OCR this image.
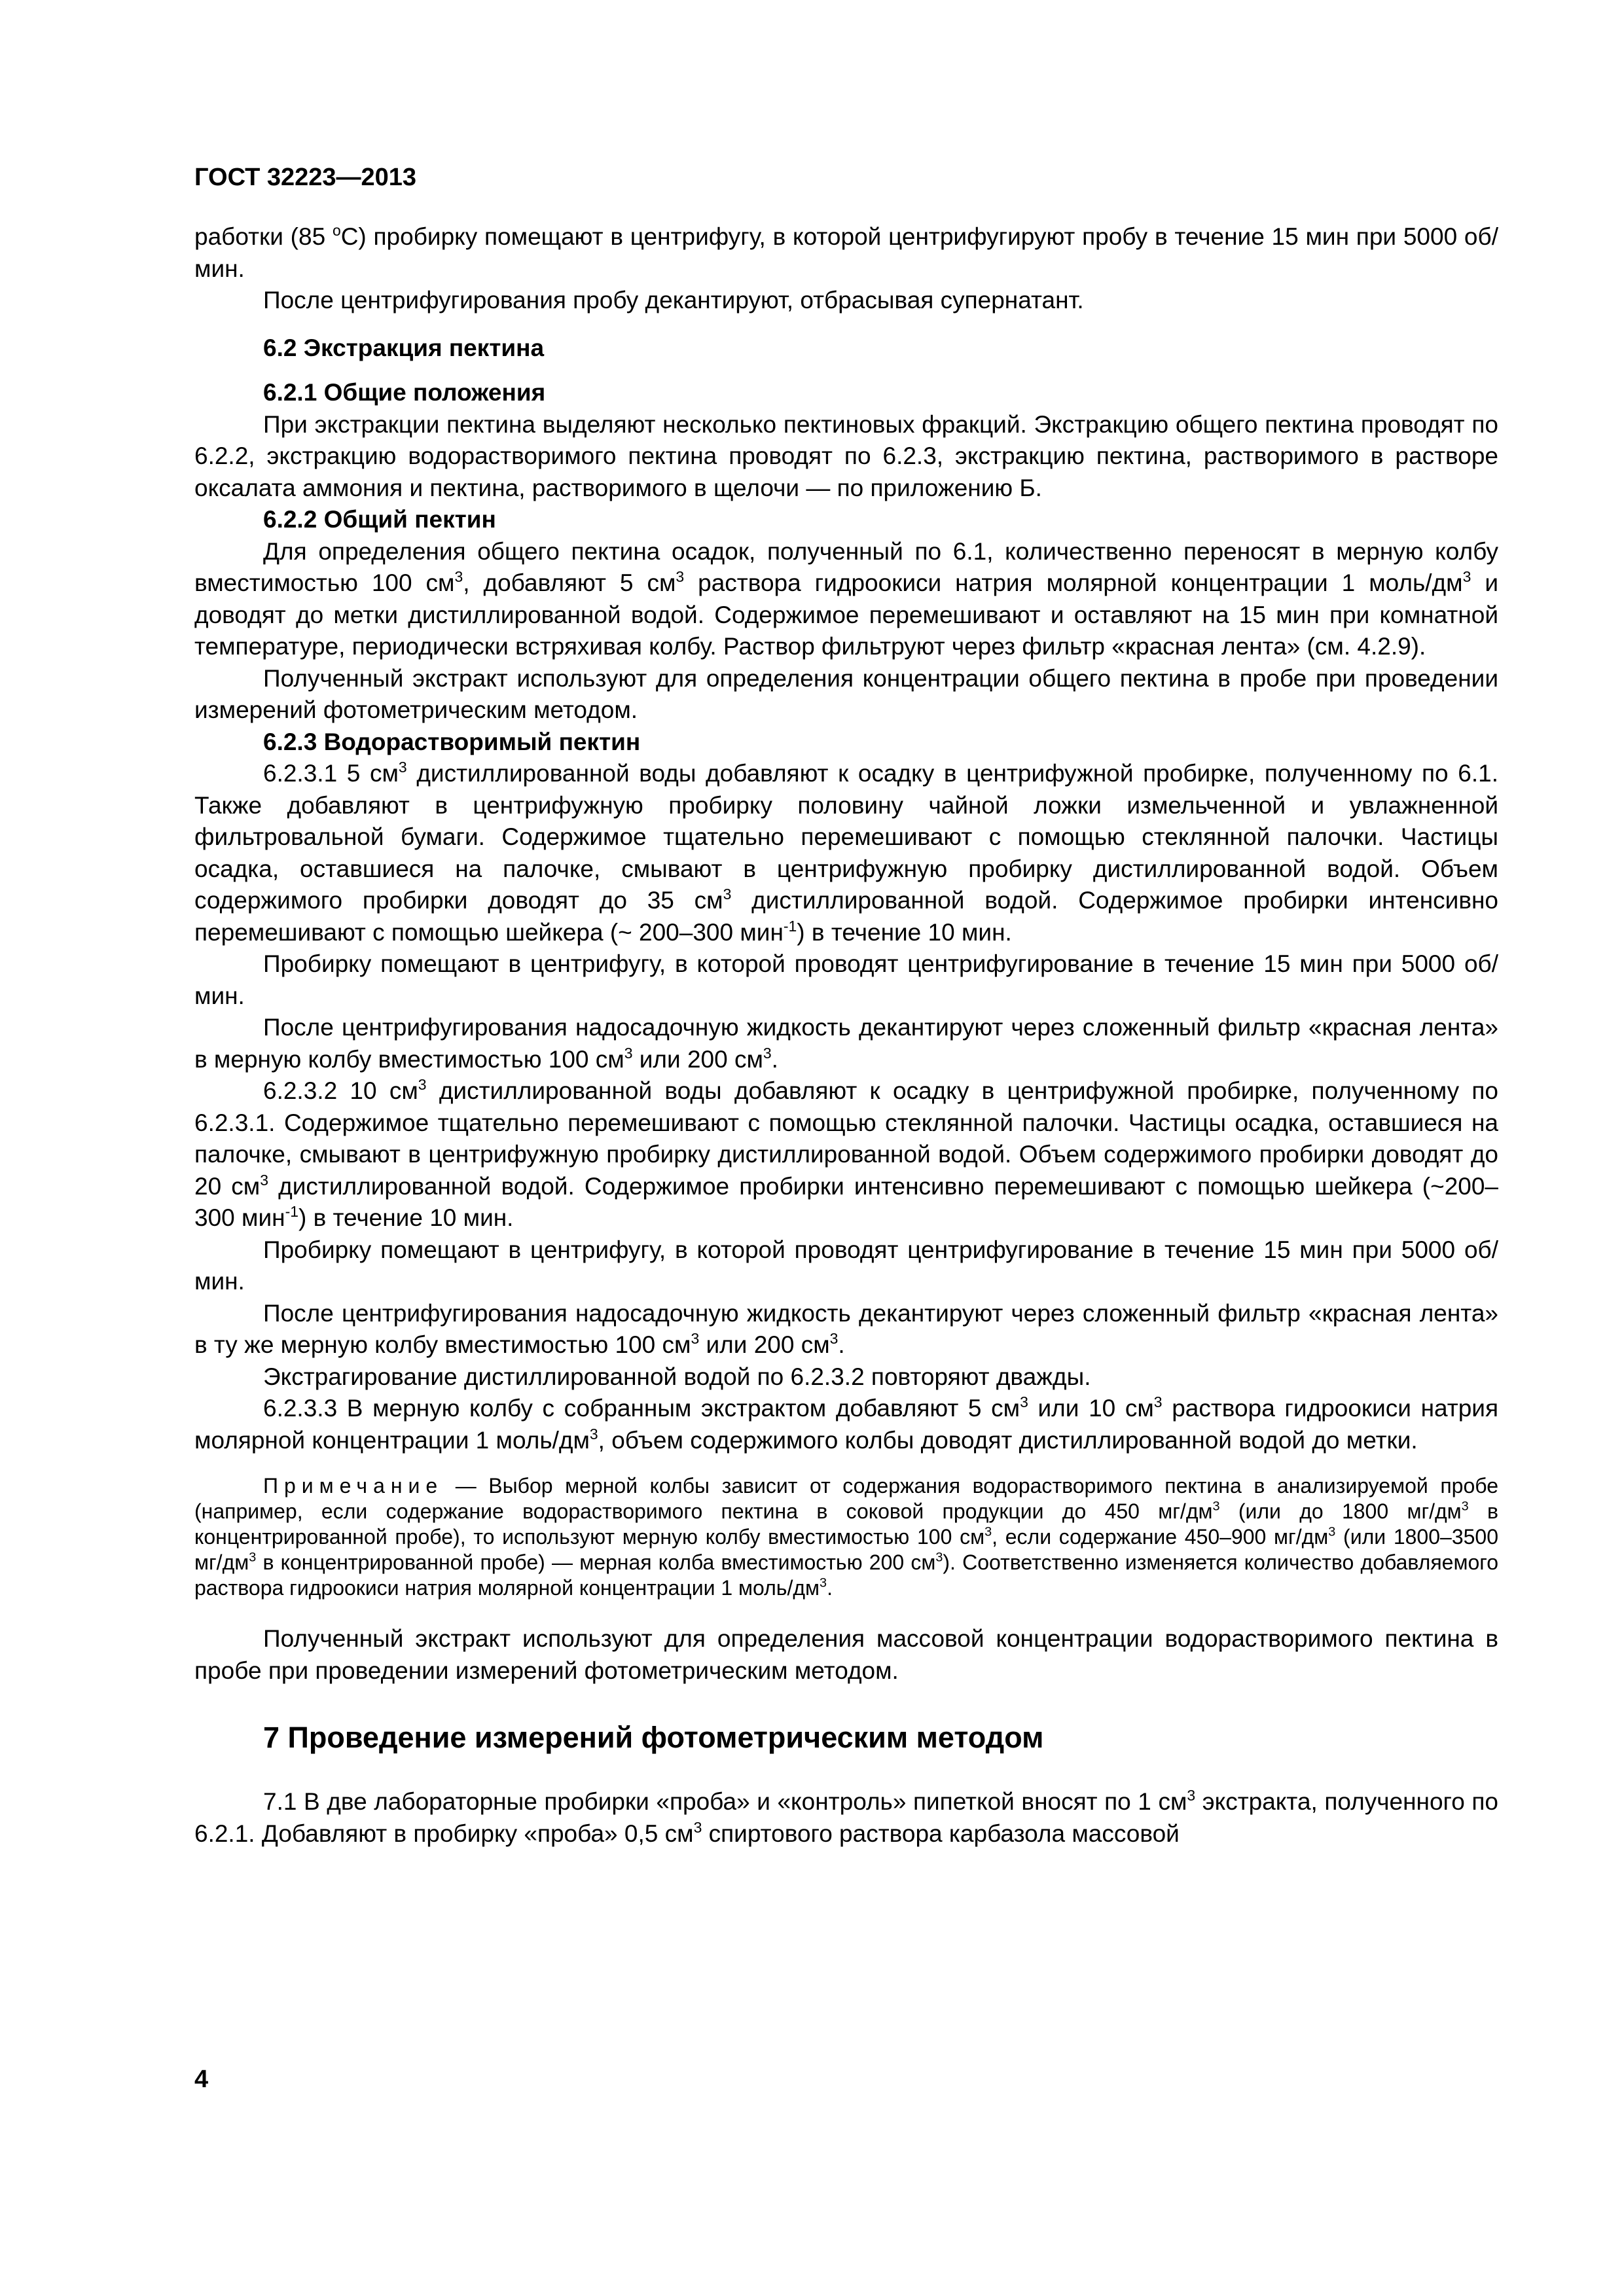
ГОСТ 32223—2013

работки (85 $^o$С) пробирку помещают в центрифугу, в которой центрифугируют пробу в течение 15 мин при 5000 об/мин.

После центрифугирования пробу декантируют, отбрасывая супернатант.

6.2 Экстракция пектина

6.2.1 Общие положения

При экстракции пектина выделяют несколько пектиновых фракций. Экстракцию общего пектина проводят по 6.2.2, экстракцию водорастворимого пектина проводят по 6.2.3, экстракцию пектина, растворимого в растворе оксалата аммония и пектина, растворимого в щелочи — по приложению Б.

6.2.2 Общий пектин

Для определения общего пектина осадок, полученный по 6.1, количественно переносят в мерную колбу вместимостью 100 $см^3$, добавляют 5 $см^3$ раствора гидроокиси натрия молярной концентрации 1 моль/$дм^3$ и доводят до метки дистиллированной водой. Содержимое перемешивают и оставляют на 15 мин при комнатной температуре, периодически встряхивая колбу. Раствор фильтруют через фильтр «красная лента» (см. 4.2.9).

Полученный экстракт используют для определения концентрации общего пектина в пробе при проведении измерений фотометрическим методом.

6.2.3 Водорастворимый пектин

6.2.3.1 5 $см^3$ дистиллированной воды добавляют к осадку в центрифужной пробирке, полученному по 6.1. Также добавляют в центрифужную пробирку половину чайной ложки измельченной и увлажненной фильтровальной бумаги. Содержимое тщательно перемешивают с помощью стеклянной палочки. Частицы осадка, оставшиеся на палочке, смывают в центрифужную пробирку дистиллированной водой. Объем содержимого пробирки доводят до 35 $см^3$ дистиллированной водой. Содержимое пробирки интенсивно перемешивают с помощью шейкера (~ 200–300 мин$^{-1}$) в течение 10 мин.

Пробирку помещают в центрифугу, в которой проводят центрифугирование в течение 15 мин при 5000 об/мин.

После центрифугирования надосадочную жидкость декантируют через сложенный фильтр «красная лента» в мерную колбу вместимостью 100 $см^3$ или 200 $см^3$.

6.2.3.2 10 $см^3$ дистиллированной воды добавляют к осадку в центрифужной пробирке, полученному по 6.2.3.1. Содержимое тщательно перемешивают с помощью стеклянной палочки. Частицы осадка, оставшиеся на палочке, смывают в центрифужную пробирку дистиллированной водой. Объем содержимого пробирки доводят до 20 $см^3$ дистиллированной водой. Содержимое пробирки интенсивно перемешивают с помощью шейкера (~200–300 мин$^{-1}$) в течение 10 мин.

Пробирку помещают в центрифугу, в которой проводят центрифугирование в течение 15 мин при 5000 об/мин.

После центрифугирования надосадочную жидкость декантируют через сложенный фильтр «красная лента» в ту же мерную колбу вместимостью 100 $см^3$ или 200 $см^3$.

Экстрагирование дистиллированной водой по 6.2.3.2 повторяют дважды.

6.2.3.3 В мерную колбу с собранным экстрактом добавляют 5 $см^3$ или 10 $см^3$ раствора гидроокиси натрия молярной концентрации 1 моль/$дм^3$, объем содержимого колбы доводят дистиллированной водой до метки.

Примечание — Выбор мерной колбы зависит от содержания водорастворимого пектина в анализируемой пробе (например, если содержание водорастворимого пектина в соковой продукции до 450 $мг/дм^3$ (или до 1800 $мг/дм^3$ в концентрированной пробе), то используют мерную колбу вместимостью 100 $см^3$, если содержание 450–900 $мг/дм^3$ (или 1800–3500 $мг/дм^3$ в концентрированной пробе) — мерная колба вместимостью 200 $см^3$). Соответственно изменяется количество добавляемого раствора гидроокиси натрия молярной концентрации 1 моль/$дм^3$.

Полученный экстракт используют для определения массовой концентрации водорастворимого пектина в пробе при проведении измерений фотометрическим методом.

7 Проведение измерений фотометрическим методом

7.1 В две лабораторные пробирки «проба» и «контроль» пипеткой вносят по 1 $см^3$ экстракта, полученного по 6.2.1. Добавляют в пробирку «проба» 0,5 $см^3$ спиртового раствора карбазола массовой

4
